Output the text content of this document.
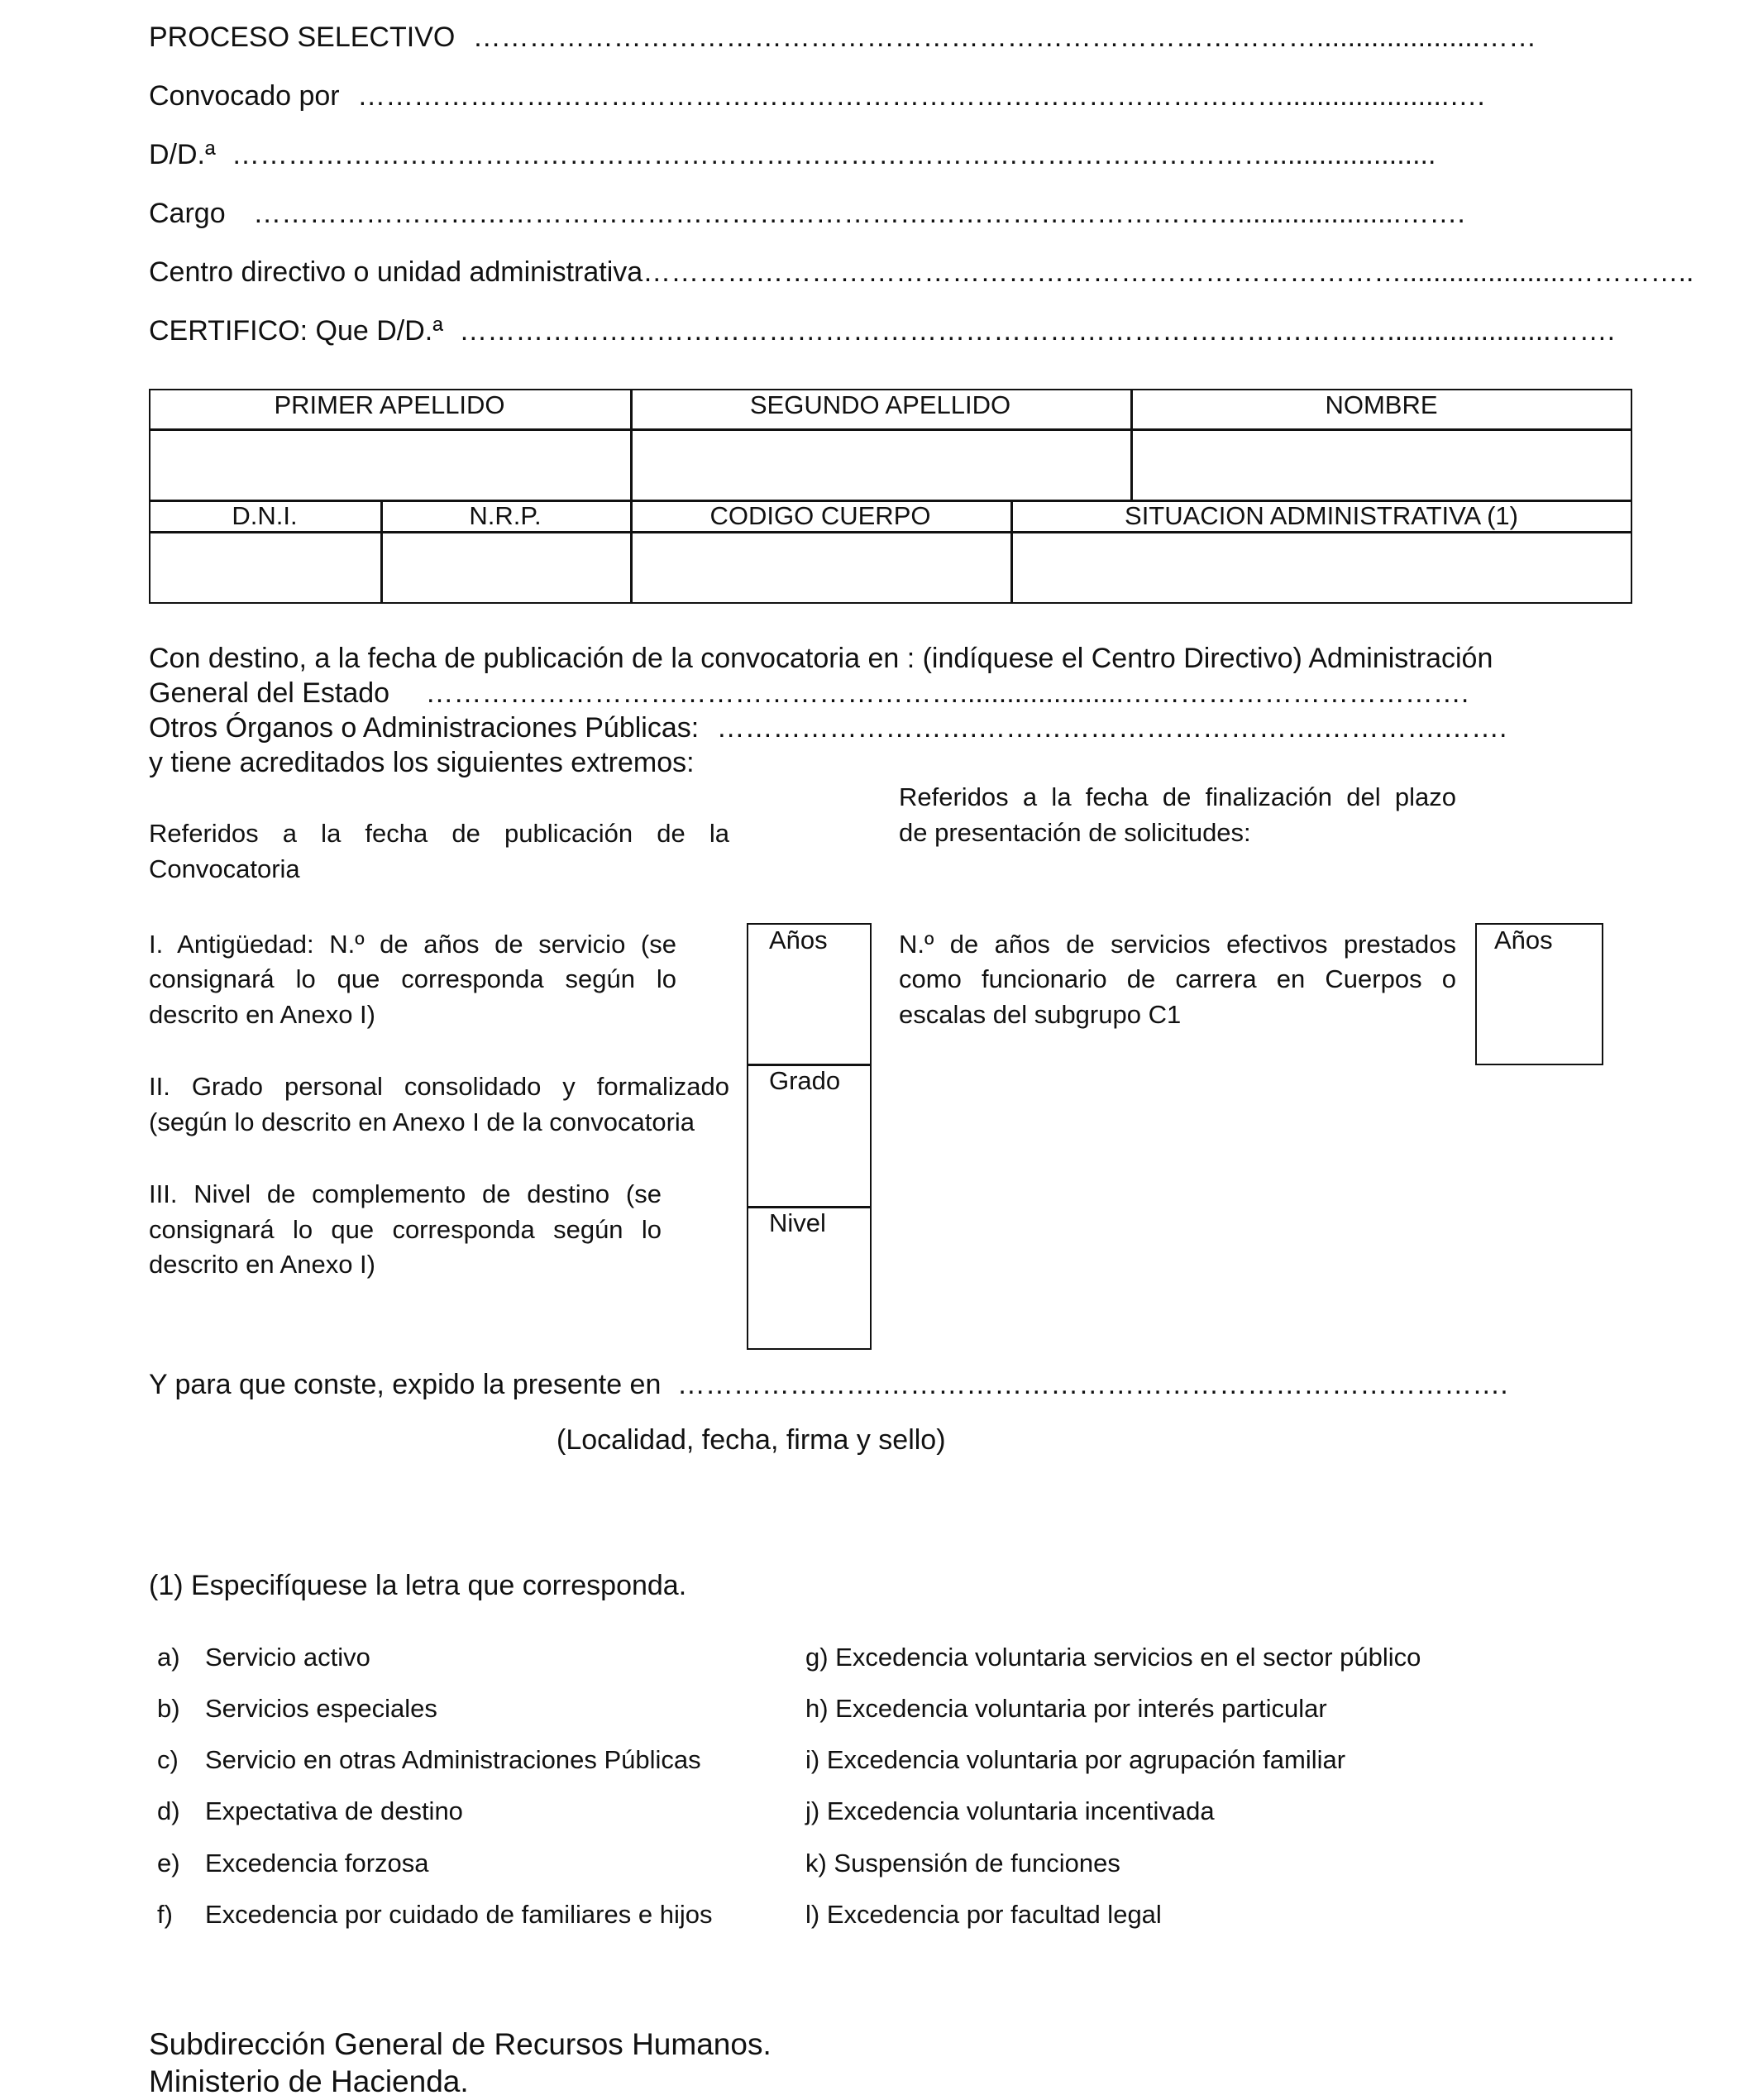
PROCESO SELECTIVO ……………………………………………………………………………….....................……
Convocado por ……………………………………………………………………………………….....................….
D/D.ª ………………………………………………………………………………………………….....................
Cargo …………………………………………………………………………………………….....................…….
Centro directivo o unidad administrativa……………………………………………………………………….....................…………..
CERTIFICO: Que D/D.ª ……………………………………………………………………………………….....................…….
PRIMER APELLIDO	SEGUNDO APELLIDO	NOMBRE
D.N.I.	N.R.P.	CODIGO CUERPO	SITUACION ADMINISTRATIVA (1)
Con destino, a la fecha de publicación de la convocatoria en : (indíquese el Centro Directivo) Administración
General del Estado ………………………………………………….....................……………………………….
Otros Órganos o Administraciones Públicas: ……………………….……………………………….………….…….
y tiene acreditados los siguientes extremos:
Referidos a la fecha de publicación de la
Convocatoria
I. Antigüedad: N.º de años de servicio (se
consignará lo que corresponda según lo
descrito en Anexo I)
II. Grado personal consolidado y formalizado
(según lo descrito en Anexo I de la convocatoria
III. Nivel de complemento de destino (se
consignará lo que corresponda según lo
descrito en Anexo I)
Años
Grado
Nivel
Referidos a la fecha de finalización del plazo
de presentación de solicitudes:
N.º de años de servicios efectivos prestados
como funcionario de carrera en Cuerpos o
escalas del subgrupo C1
Años
Y para que conste, expido la presente en ………………….………………………………………………………….
(Localidad, fecha, firma y sello)
(1) Especifíquese la letra que corresponda.
a) Servicio activo
b) Servicios especiales
c) Servicio en otras Administraciones Públicas
d) Expectativa de destino
e) Excedencia forzosa
f) Excedencia por cuidado de familiares e hijos
g) Excedencia voluntaria servicios en el sector público
h) Excedencia voluntaria por interés particular
i) Excedencia voluntaria por agrupación familiar
j) Excedencia voluntaria incentivada
k) Suspensión de funciones
l) Excedencia por facultad legal
Subdirección General de Recursos Humanos.
Ministerio de Hacienda.
